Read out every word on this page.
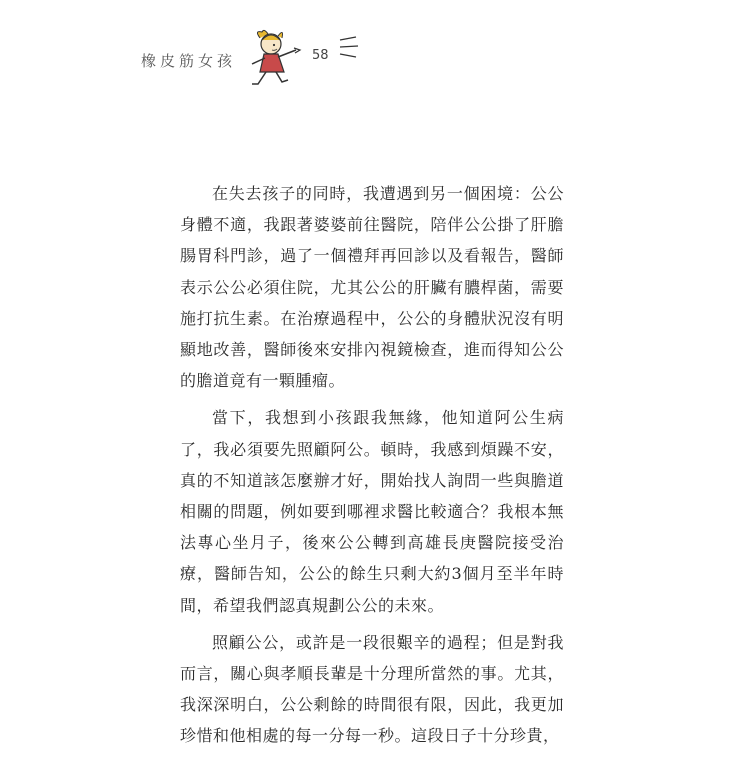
橡皮筋女孩	58

在失去孩子的同時，我遭遇到另一個困境：公公身體不適，我跟著婆婆前往醫院，陪伴公公掛了肝膽腸胃科門診，過了一個禮拜再回診以及看報告，醫師表示公公必須住院，尤其公公的肝臟有膿桿菌，需要施打抗生素。在治療過程中，公公的身體狀況沒有明顯地改善，醫師後來安排內視鏡檢查，進而得知公公的膽道竟有一顆腫瘤。

當下，我想到小孩跟我無緣，他知道阿公生病了，我必須要先照顧阿公。頓時，我感到煩躁不安，真的不知道該怎麼辦才好，開始找人詢問一些與膽道相關的問題，例如要到哪裡求醫比較適合？我根本無法專心坐月子，後來公公轉到高雄長庚醫院接受治療，醫師告知，公公的餘生只剩大約3個月至半年時間，希望我們認真規劃公公的未來。

照顧公公，或許是一段很艱辛的過程；但是對我而言，關心與孝順長輩是十分理所當然的事。尤其，我深深明白，公公剩餘的時間很有限，因此，我更加珍惜和他相處的每一分每一秒。這段日子十分珍貴，
